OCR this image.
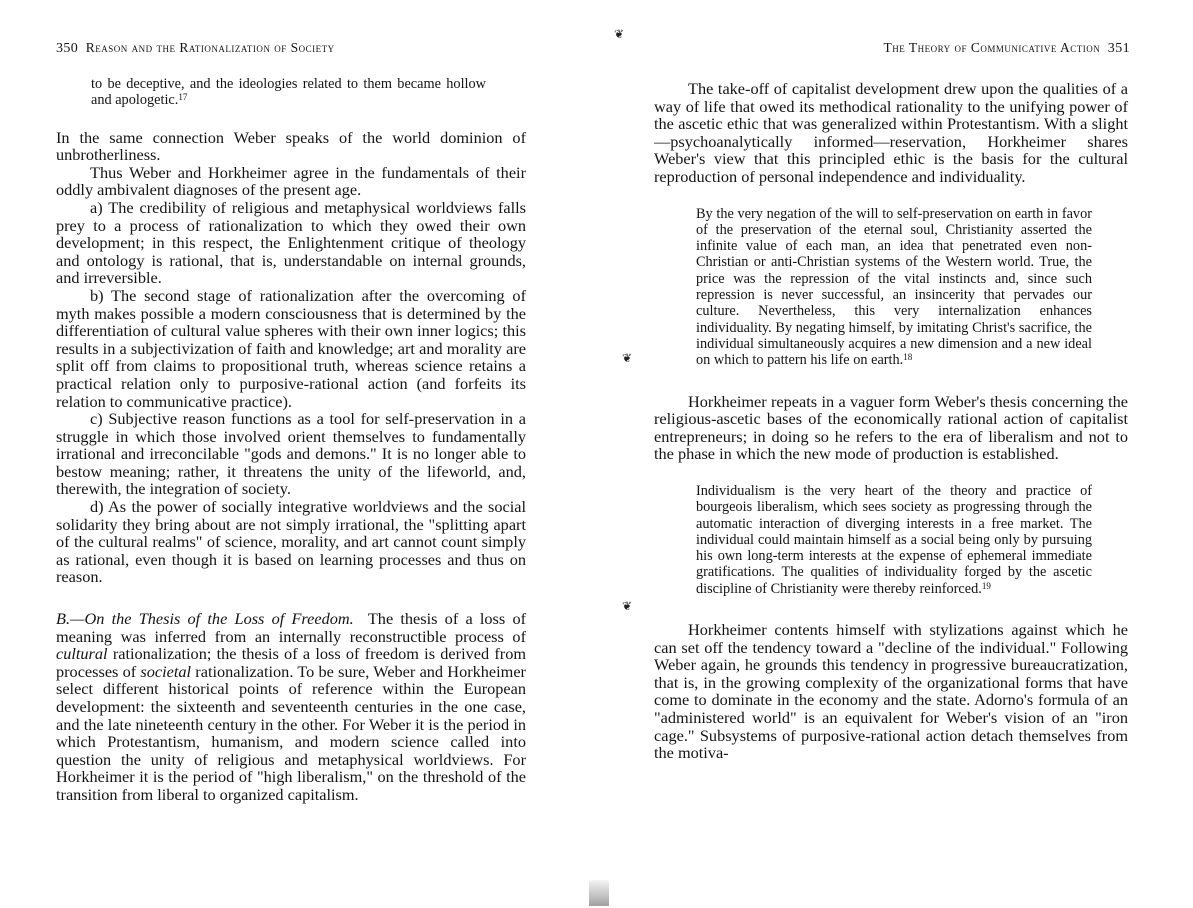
350 Reason and the Rationalization of Society

to be deceptive, and the ideologies related to them became hollow and apologetic.$^{17}$

In the same connection Weber speaks of the world dominion of unbrotherliness.

Thus Weber and Horkheimer agree in the fundamentals of their oddly ambivalent diagnoses of the present age.

a) The credibility of religious and metaphysical worldviews falls prey to a process of rationalization to which they owed their own development; in this respect, the Enlightenment critique of theology and ontology is rational, that is, understandable on internal grounds, and irreversible.

b) The second stage of rationalization after the overcoming of myth makes possible a modern consciousness that is determined by the differentiation of cultural value spheres with their own inner logics; this results in a subjectivization of faith and knowledge; art and morality are split off from claims to propositional truth, whereas science retains a practical relation only to purposive-rational action (and forfeits its relation to communicative practice).

c) Subjective reason functions as a tool for self-preservation in a struggle in which those involved orient themselves to fundamentally irrational and irreconcilable "gods and demons." It is no longer able to bestow meaning; rather, it threatens the unity of the lifeworld, and, therewith, the integration of society.

d) As the power of socially integrative worldviews and the social solidarity they bring about are not simply irrational, the "splitting apart of the cultural realms" of science, morality, and art cannot count simply as rational, even though it is based on learning processes and thus on reason.

B.—On the Thesis of the Loss of Freedom. The thesis of a loss of meaning was inferred from an internally reconstructible process of cultural rationalization; the thesis of a loss of freedom is derived from processes of societal rationalization. To be sure, Weber and Horkheimer select different historical points of reference within the European development: the sixteenth and seventeenth centuries in the one case, and the late nineteenth century in the other. For Weber it is the period in which Protestantism, humanism, and modern science called into question the unity of religious and metaphysical worldviews. For Horkheimer it is the period of "high liberalism," on the threshold of the transition from liberal to organized capitalism.

❦
❦
❦
The Theory of Communicative Action 351

The take-off of capitalist development drew upon the qualities of a way of life that owed its methodical rationality to the unifying power of the ascetic ethic that was generalized within Protestantism. With a slight—psychoanalytically informed—reservation, Horkheimer shares Weber's view that this principled ethic is the basis for the cultural reproduction of personal independence and individuality.

By the very negation of the will to self-preservation on earth in favor of the preservation of the eternal soul, Christianity asserted the infinite value of each man, an idea that penetrated even non-Christian or anti-Christian systems of the Western world. True, the price was the repression of the vital instincts and, since such repression is never successful, an insincerity that pervades our culture. Nevertheless, this very internalization enhances individuality. By negating himself, by imitating Christ's sacrifice, the individual simultaneously acquires a new dimension and a new ideal on which to pattern his life on earth.$^{18}$

Horkheimer repeats in a vaguer form Weber's thesis concerning the religious-ascetic bases of the economically rational action of capitalist entrepreneurs; in doing so he refers to the era of liberalism and not to the phase in which the new mode of production is established.

Individualism is the very heart of the theory and practice of bourgeois liberalism, which sees society as progressing through the automatic interaction of diverging interests in a free market. The individual could maintain himself as a social being only by pursuing his own long-term interests at the expense of ephemeral immediate gratifications. The qualities of individuality forged by the ascetic discipline of Christianity were thereby reinforced.$^{19}$

Horkheimer contents himself with stylizations against which he can set off the tendency toward a "decline of the individual." Following Weber again, he grounds this tendency in progressive bureaucratization, that is, in the growing complexity of the organizational forms that have come to dominate in the economy and the state. Adorno's formula of an "administered world" is an equivalent for Weber's vision of an "iron cage." Subsystems of purposive-rational action detach themselves from the motiva-
